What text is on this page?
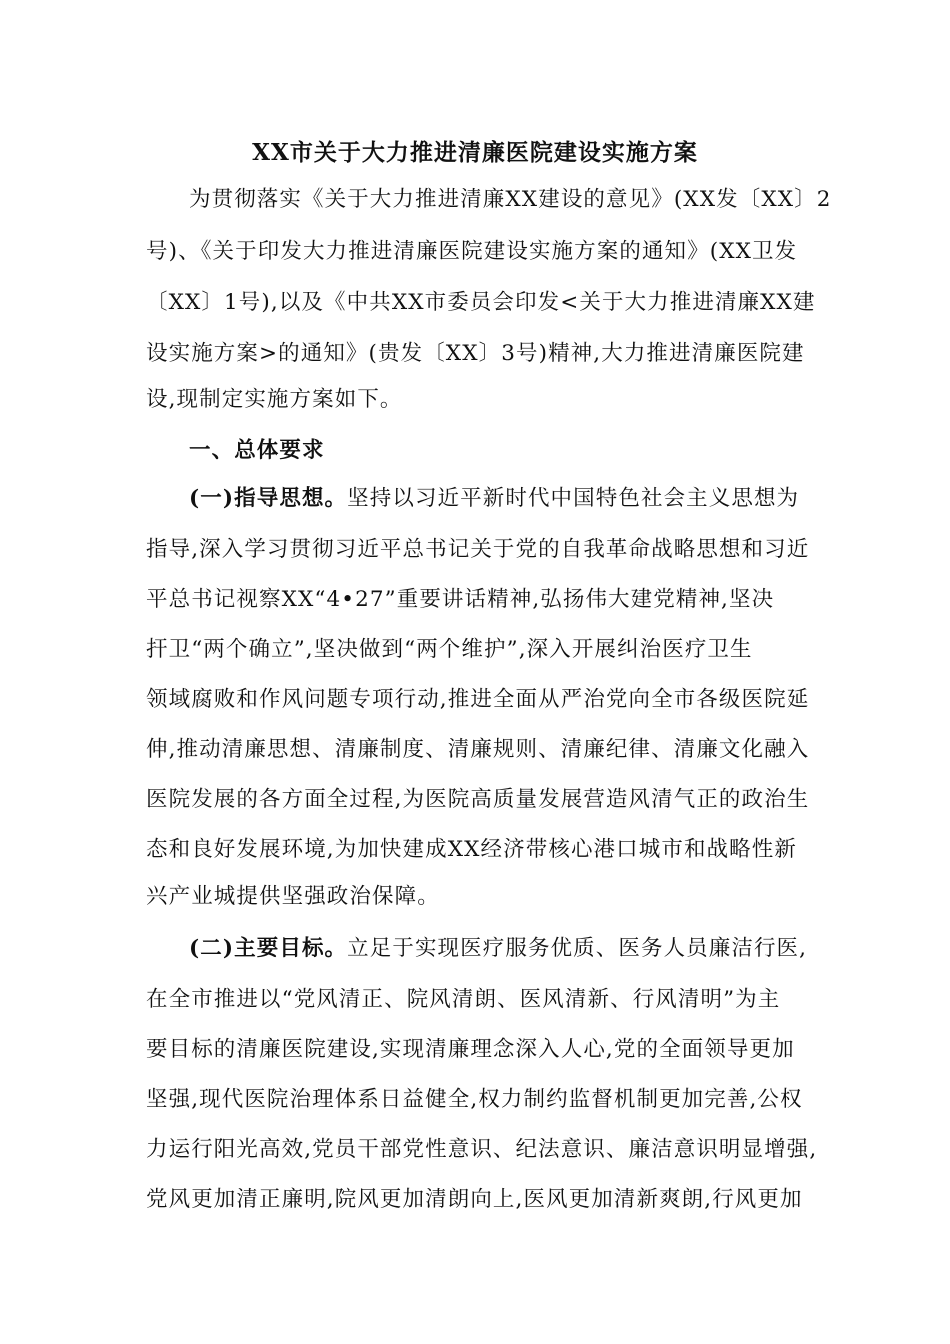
XX市关于大力推进清廉医院建设实施方案

为贯彻落实《关于大力推进清廉XX建设的意见》(XX发〔XX〕2

号)、《关于印发大力推进清廉医院建设实施方案的通知》(XX卫发

〔XX〕1号),以及《中共XX市委员会印发<关于大力推进清廉XX建

设实施方案>的通知》(贵发〔XX〕3号)精神,大力推进清廉医院建

设,现制定实施方案如下。

一、总体要求

(一)指导思想。坚持以习近平新时代中国特色社会主义思想为

指导,深入学习贯彻习近平总书记关于党的自我革命战略思想和习近

平总书记视察XX“4•27”重要讲话精神,弘扬伟大建党精神,坚决

扞卫“两个确立”,坚决做到“两个维护”,深入开展纠治医疗卫生

领域腐败和作风问题专项行动,推进全面从严治党向全市各级医院延

伸,推动清廉思想、清廉制度、清廉规则、清廉纪律、清廉文化融入

医院发展的各方面全过程,为医院高质量发展营造风清气正的政治生

态和良好发展环境,为加快建成XX经济带核心港口城市和战略性新

兴产业城提供坚强政治保障。

(二)主要目标。立足于实现医疗服务优质、医务人员廉洁行医,

在全市推进以“党风清正、院风清朗、医风清新、行风清明”为主

要目标的清廉医院建设,实现清廉理念深入人心,党的全面领导更加

坚强,现代医院治理体系日益健全,权力制约监督机制更加完善,公权

力运行阳光高效,党员干部党性意识、纪法意识、廉洁意识明显增强,

党风更加清正廉明,院风更加清朗向上,医风更加清新爽朗,行风更加
